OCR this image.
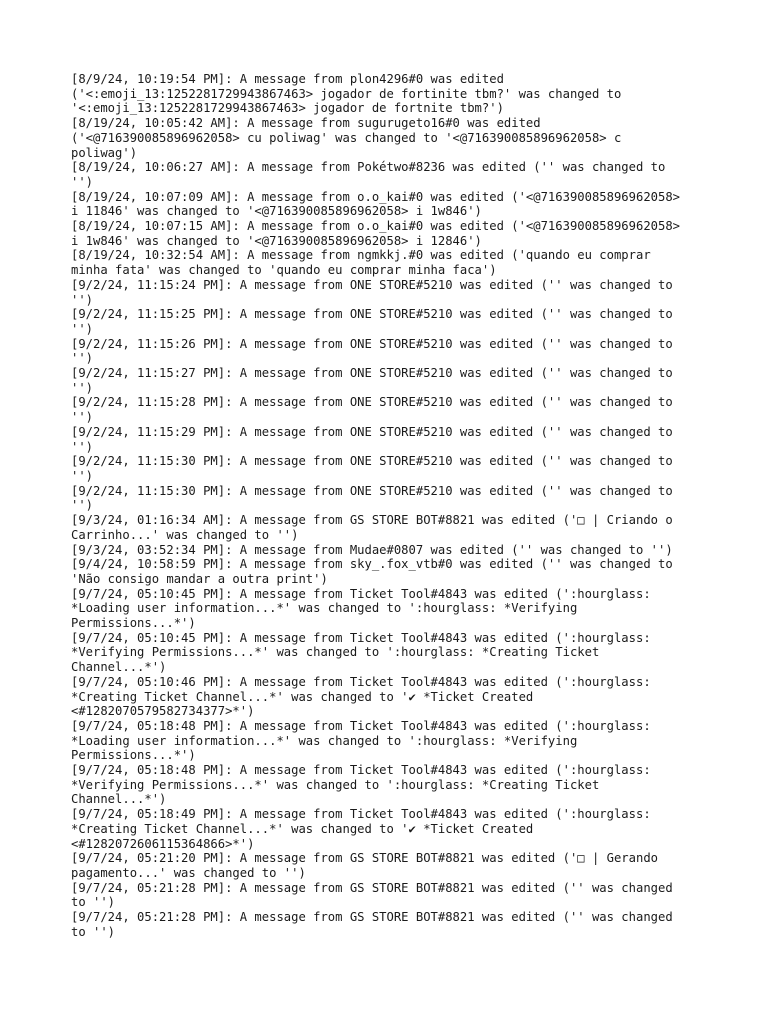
[8/9/24, 10:19:54 PM]: A message from plon4296#0 was edited
('<:emoji_13:1252281729943867463> jogador de fortinite tbm?' was changed to
'<:emoji_13:1252281729943867463> jogador de fortnite tbm?')
[8/19/24, 10:05:42 AM]: A message from sugurugeto16#0 was edited
('<@716390085896962058> cu poliwag' was changed to '<@716390085896962058> c
poliwag')
[8/19/24, 10:06:27 AM]: A message from Pokétwo#8236 was edited ('' was changed to
'')
[8/19/24, 10:07:09 AM]: A message from o.o_kai#0 was edited ('<@716390085896962058>
i 11846' was changed to '<@716390085896962058> i 1w846')
[8/19/24, 10:07:15 AM]: A message from o.o_kai#0 was edited ('<@716390085896962058>
i 1w846' was changed to '<@716390085896962058> i 12846')
[8/19/24, 10:32:54 AM]: A message from ngmkkj.#0 was edited ('quando eu comprar
minha fata' was changed to 'quando eu comprar minha faca')
[9/2/24, 11:15:24 PM]: A message from ONE STORE#5210 was edited ('' was changed to
'')
[9/2/24, 11:15:25 PM]: A message from ONE STORE#5210 was edited ('' was changed to
'')
[9/2/24, 11:15:26 PM]: A message from ONE STORE#5210 was edited ('' was changed to
'')
[9/2/24, 11:15:27 PM]: A message from ONE STORE#5210 was edited ('' was changed to
'')
[9/2/24, 11:15:28 PM]: A message from ONE STORE#5210 was edited ('' was changed to
'')
[9/2/24, 11:15:29 PM]: A message from ONE STORE#5210 was edited ('' was changed to
'')
[9/2/24, 11:15:30 PM]: A message from ONE STORE#5210 was edited ('' was changed to
'')
[9/2/24, 11:15:30 PM]: A message from ONE STORE#5210 was edited ('' was changed to
'')
[9/3/24, 01:16:34 AM]: A message from GS STORE BOT#8821 was edited ('□ | Criando o
Carrinho...' was changed to '')
[9/3/24, 03:52:34 PM]: A message from Mudae#0807 was edited ('' was changed to '')
[9/4/24, 10:58:59 PM]: A message from sky_.fox_vtb#0 was edited ('' was changed to
'Não consigo mandar a outra print')
[9/7/24, 05:10:45 PM]: A message from Ticket Tool#4843 was edited (':hourglass:
*Loading user information...*' was changed to ':hourglass: *Verifying
Permissions...*')
[9/7/24, 05:10:45 PM]: A message from Ticket Tool#4843 was edited (':hourglass:
*Verifying Permissions...*' was changed to ':hourglass: *Creating Ticket
Channel...*')
[9/7/24, 05:10:46 PM]: A message from Ticket Tool#4843 was edited (':hourglass:
*Creating Ticket Channel...*' was changed to '✔ *Ticket Created
<#1282070579582734377>*')
[9/7/24, 05:18:48 PM]: A message from Ticket Tool#4843 was edited (':hourglass:
*Loading user information...*' was changed to ':hourglass: *Verifying
Permissions...*')
[9/7/24, 05:18:48 PM]: A message from Ticket Tool#4843 was edited (':hourglass:
*Verifying Permissions...*' was changed to ':hourglass: *Creating Ticket
Channel...*')
[9/7/24, 05:18:49 PM]: A message from Ticket Tool#4843 was edited (':hourglass:
*Creating Ticket Channel...*' was changed to '✔ *Ticket Created
<#1282072606115364866>*')
[9/7/24, 05:21:20 PM]: A message from GS STORE BOT#8821 was edited ('□ | Gerando
pagamento...' was changed to '')
[9/7/24, 05:21:28 PM]: A message from GS STORE BOT#8821 was edited ('' was changed
to '')
[9/7/24, 05:21:28 PM]: A message from GS STORE BOT#8821 was edited ('' was changed
to '')
